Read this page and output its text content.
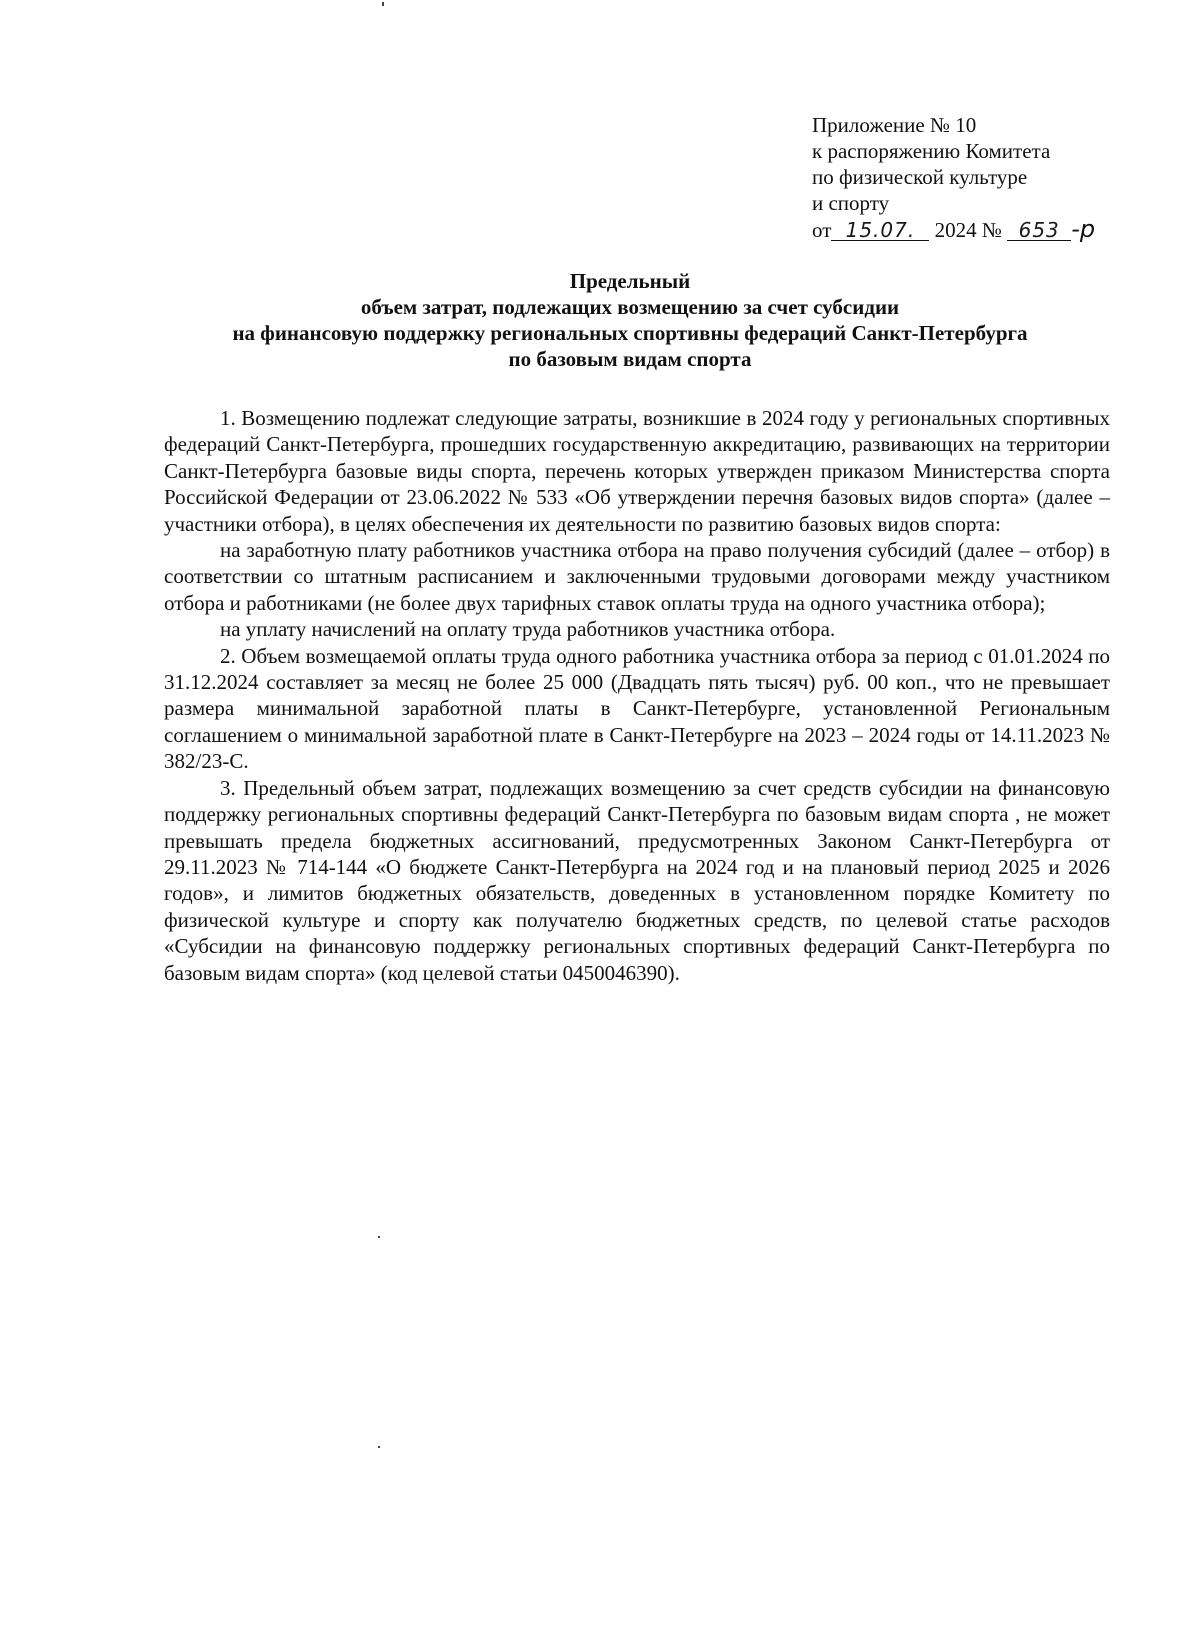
Приложение № 10
к распоряжению Комитета
по физической культуре
и спорту
от 15.07. 2024 № 653 -р
Предельный
объем затрат, подлежащих возмещению за счет субсидии
на финансовую поддержку региональных спортивны федераций Санкт-Петербурга
по базовым видам спорта

1. Возмещению подлежат следующие затраты, возникшие в 2024 году у региональных спортивных федераций Санкт-Петербурга, прошедших государственную аккредитацию, развивающих на территории Санкт-Петербурга базовые виды спорта, перечень которых утвержден приказом Министерства спорта Российской Федерации от 23.06.2022 № 533 «Об утверждении перечня базовых видов спорта» (далее – участники отбора), в целях обеспечения их деятельности по развитию базовых видов спорта:

на заработную плату работников участника отбора на право получения субсидий (далее – отбор) в соответствии со штатным расписанием и заключенными трудовыми договорами между участником отбора и работниками (не более двух тарифных ставок оплаты труда на одного участника отбора);

на уплату начислений на оплату труда работников участника отбора.

2. Объем возмещаемой оплаты труда одного работника участника отбора за период с 01.01.2024 по 31.12.2024 составляет за месяц не более 25 000 (Двадцать пять тысяч) руб. 00 коп., что не превышает размера минимальной заработной платы в Санкт-Петербурге, установленной Региональным соглашением о минимальной заработной плате в Санкт-Петербурге на 2023 – 2024 годы от 14.11.2023 № 382/23-С.

3. Предельный объем затрат, подлежащих возмещению за счет средств субсидии на финансовую поддержку региональных спортивны федераций Санкт-Петербурга по базовым видам спорта , не может превышать предела бюджетных ассигнований, предусмотренных Законом Санкт-Петербурга от 29.11.2023 № 714-144 «О бюджете Санкт-Петербурга на 2024 год и на плановый период 2025 и 2026 годов», и лимитов бюджетных обязательств, доведенных в установленном порядке Комитету по физической культуре и спорту как получателю бюджетных средств, по целевой статье расходов «Субсидии на финансовую поддержку региональных спортивных федераций Санкт-Петербурга по базовым видам спорта» (код целевой статьи 0450046390).
